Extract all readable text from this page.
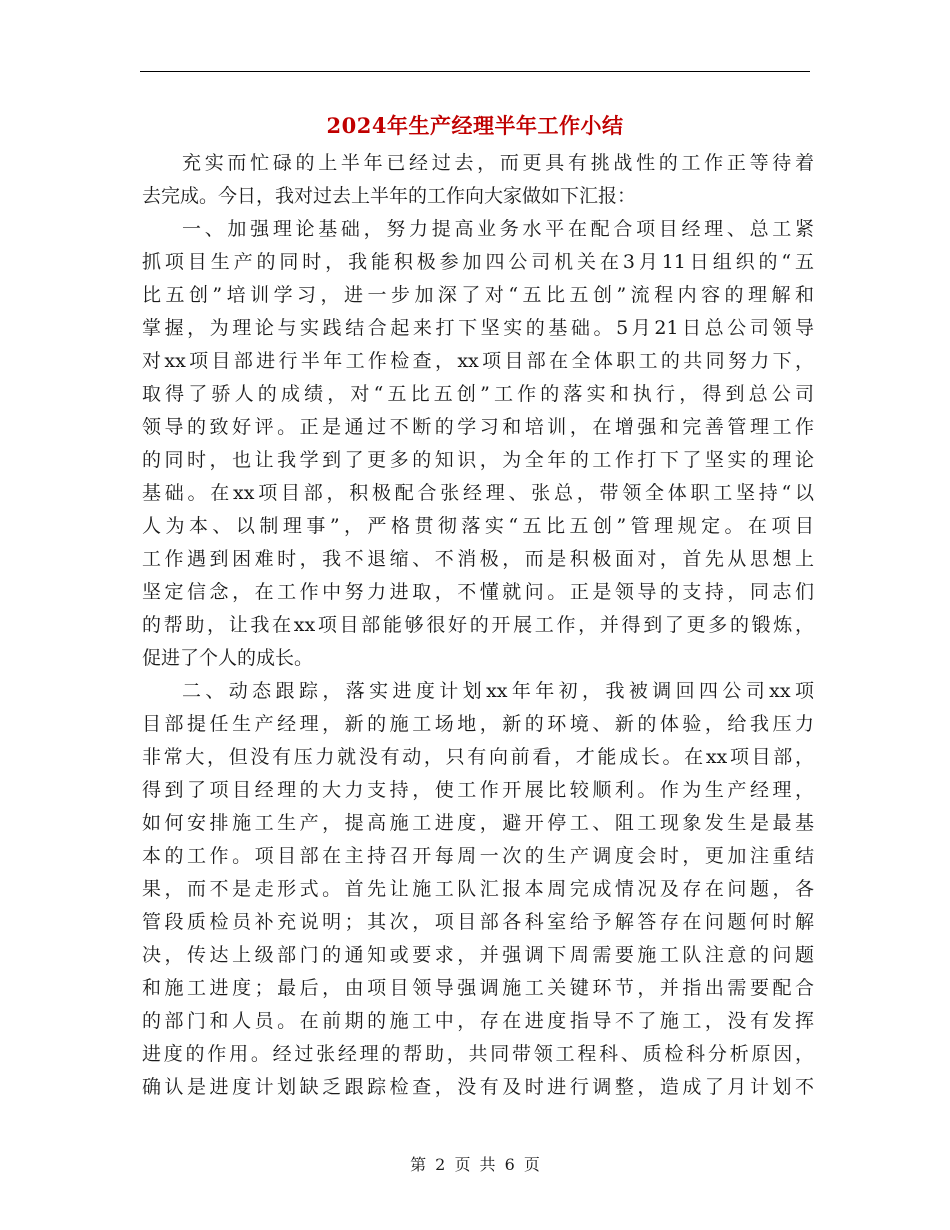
2024年生产经理半年工作小结
充实而忙碌的上半年已经过去，而更具有挑战性的工作正等待着
去完成。今日，我对过去上半年的工作向大家做如下汇报：
一、加强理论基础，努力提高业务水平在配合项目经理、总工紧
抓项目生产的同时，我能积极参加四公司机关在3月11日组织的“五
比五创”培训学习，进一步加深了对“五比五创”流程内容的理解和
掌握，为理论与实践结合起来打下坚实的基础。5月21日总公司领导
对xx项目部进行半年工作检查，xx项目部在全体职工的共同努力下，
取得了骄人的成绩，对“五比五创”工作的落实和执行，得到总公司
领导的致好评。正是通过不断的学习和培训，在增强和完善管理工作
的同时，也让我学到了更多的知识，为全年的工作打下了坚实的理论
基础。在xx项目部，积极配合张经理、张总，带领全体职工坚持“以
人为本、以制理事”，严格贯彻落实“五比五创”管理规定。在项目
工作遇到困难时，我不退缩、不消极，而是积极面对，首先从思想上
坚定信念，在工作中努力进取，不懂就问。正是领导的支持，同志们
的帮助，让我在xx项目部能够很好的开展工作，并得到了更多的锻炼，
促进了个人的成长。
二、动态跟踪，落实进度计划xx年年初，我被调回四公司xx项
目部提任生产经理，新的施工场地，新的环境、新的体验，给我压力
非常大，但没有压力就没有动，只有向前看，才能成长。在xx项目部，
得到了项目经理的大力支持，使工作开展比较顺利。作为生产经理，
如何安排施工生产，提高施工进度，避开停工、阻工现象发生是最基
本的工作。项目部在主持召开每周一次的生产调度会时，更加注重结
果，而不是走形式。首先让施工队汇报本周完成情况及存在问题，各
管段质检员补充说明；其次，项目部各科室给予解答存在问题何时解
决，传达上级部门的通知或要求，并强调下周需要施工队注意的问题
和施工进度；最后，由项目领导强调施工关键环节，并指出需要配合
的部门和人员。在前期的施工中，存在进度指导不了施工，没有发挥
进度的作用。经过张经理的帮助，共同带领工程科、质检科分析原因，
确认是进度计划缺乏跟踪检查，没有及时进行调整，造成了月计划不
第 2 页 共 6 页
